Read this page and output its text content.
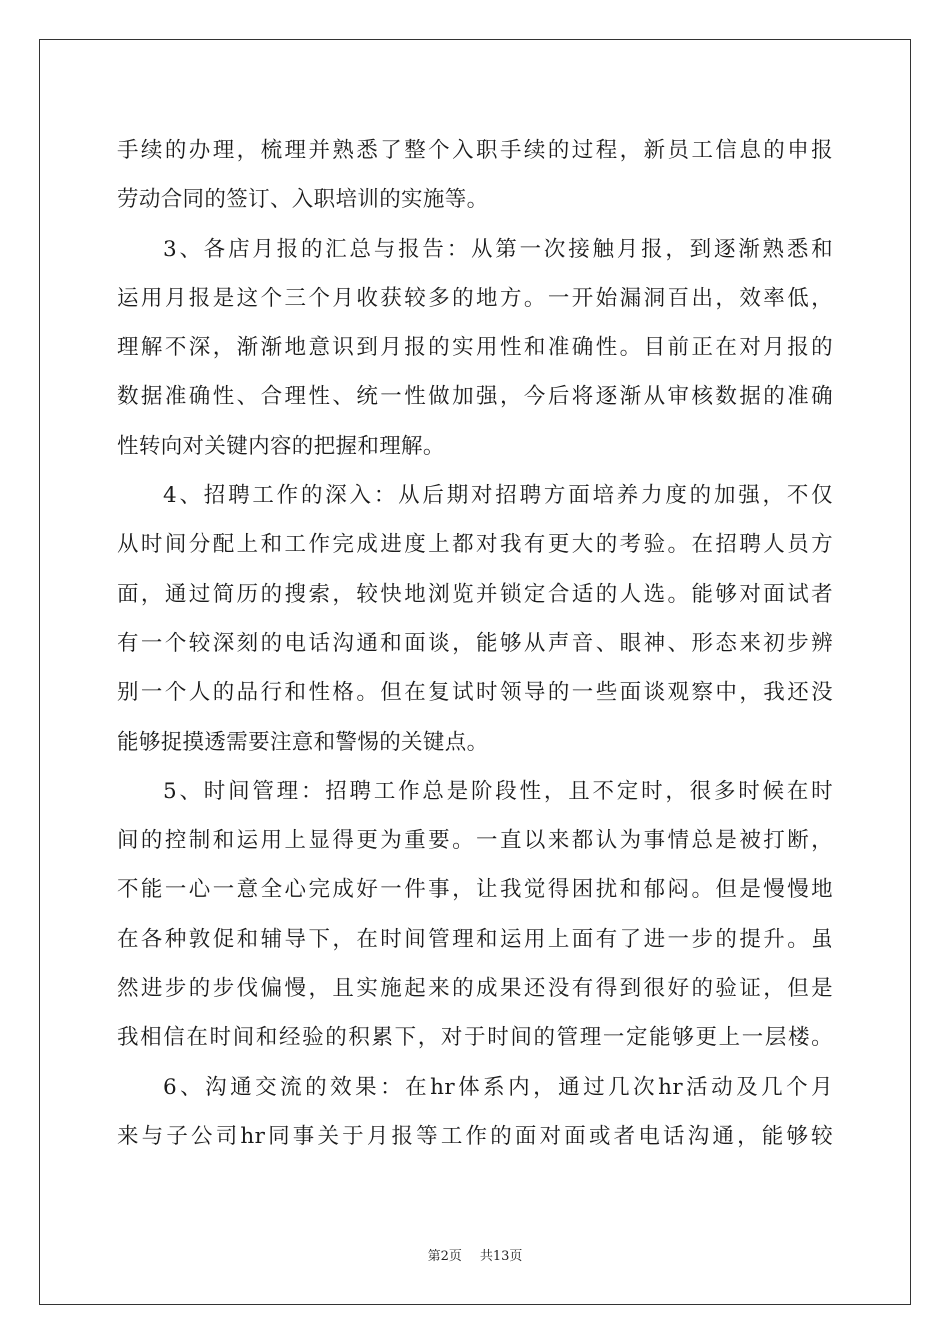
手续的办理，梳理并熟悉了整个入职手续的过程，新员工信息的申报
劳动合同的签订、入职培训的实施等。
3、各店月报的汇总与报告：从第一次接触月报，到逐渐熟悉和
运用月报是这个三个月收获较多的地方。一开始漏洞百出，效率低，
理解不深，渐渐地意识到月报的实用性和准确性。目前正在对月报的
数据准确性、合理性、统一性做加强，今后将逐渐从审核数据的准确
性转向对关键内容的把握和理解。
4、招聘工作的深入：从后期对招聘方面培养力度的加强，不仅
从时间分配上和工作完成进度上都对我有更大的考验。在招聘人员方
面，通过简历的搜索，较快地浏览并锁定合适的人选。能够对面试者
有一个较深刻的电话沟通和面谈，能够从声音、眼神、形态来初步辨
别一个人的品行和性格。但在复试时领导的一些面谈观察中，我还没
能够捉摸透需要注意和警惕的关键点。
5、时间管理：招聘工作总是阶段性，且不定时，很多时候在时
间的控制和运用上显得更为重要。一直以来都认为事情总是被打断，
不能一心一意全心完成好一件事，让我觉得困扰和郁闷。但是慢慢地
在各种敦促和辅导下，在时间管理和运用上面有了进一步的提升。虽
然进步的步伐偏慢，且实施起来的成果还没有得到很好的验证，但是
我相信在时间和经验的积累下，对于时间的管理一定能够更上一层楼。
6、沟通交流的效果：在hr体系内，通过几次hr活动及几个月
来与子公司hr同事关于月报等工作的面对面或者电话沟通，能够较
第2页 共13页
